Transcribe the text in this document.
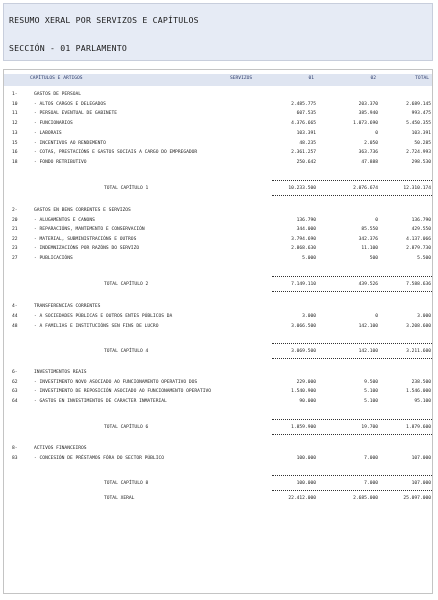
RESUMO XERAL POR SERVIZOS E CAPÍTULOS
SECCIÓN - 01 PARLAMENTO
CAPÍTULOS E ARTIGOS	SERVIZOS	01	02	TOTAL
1-	GASTOS DE PERSOAL
10	- ALTOS CARGOS E DELEGADOS	2.485.775	203.370	2.689.145
11	- PERSOAL EVENTUAL DE GABINETE	607.535	385.940	993.475
12	- FUNCIONARIOS	4.376.665	1.073.690	5.450.355
13	- LABORAIS	103.391	0	103.391
15	- INCENTIVOS AO RENDEMENTO	48.235	2.050	50.285
16	- COTAS, PRESTACIÓNS E GASTOS SOCIAIS A CARGO DO EMPREGADOR	2.361.257	363.736	2.724.993
18	- FONDO RETRIBUTIVO	250.642	47.888	298.530
TOTAL CAPÍTULO 1	10.233.500	2.076.674	12.310.174
2-	GASTOS EN BENS CORRENTES E SERVIZOS
20	- ALUGAMENTOS E CANONS	136.790	0	136.790
21	- REPARACIÓNS, MANTEMENTO E CONSERVACIÓN	344.000	85.550	429.550
22	- MATERIAL, SUBMINISTRACIÓNS E OUTROS	3.794.690	342.376	4.137.066
23	- INDEMNIZACIÓNS POR RAZÓNS DO SERVIZO	2.868.630	11.100	2.879.730
27	- PUBLICACIÓNS	5.000	500	5.500
TOTAL CAPÍTULO 2	7.149.110	439.526	7.588.636
4-	TRANSFERENCIAS CORRENTES
44	- A SOCIEDADES PÚBLICAS E OUTROS ENTES PÚBLICOS DA	3.000	0	3.000
48	- A FAMILIAS E INSTITUCIÓNS SEN FINS DE LUCRO	3.066.500	142.100	3.208.600
TOTAL CAPÍTULO 4	3.069.500	142.100	3.211.600
6-	INVESTIMENTOS REAIS
62	- INVESTIMENTO NOVO ASOCIADO AO FUNCIONAMENTO OPERATIVO DOS	229.000	9.500	238.500
63	- INVESTIMENTO DE REPOSICIÓN ASOCIADO AO FUNCIONAMENTO OPERATIVO	1.540.900	5.100	1.546.000
64	- GASTOS EN INVESTIMENTOS DE CARACTER INMATERIAL	90.000	5.100	95.100
TOTAL CAPÍTULO 6	1.859.900	19.700	1.879.600
8-	ACTIVOS FINANCEIROS
83	- CONCESIÓN DE PRÉSTAMOS FÓRA DO SECTOR PÚBLICO	100.000	7.000	107.000
TOTAL CAPÍTULO 8	100.000	7.000	107.000
TOTAL XERAL	22.412.000	2.685.000	25.097.000
